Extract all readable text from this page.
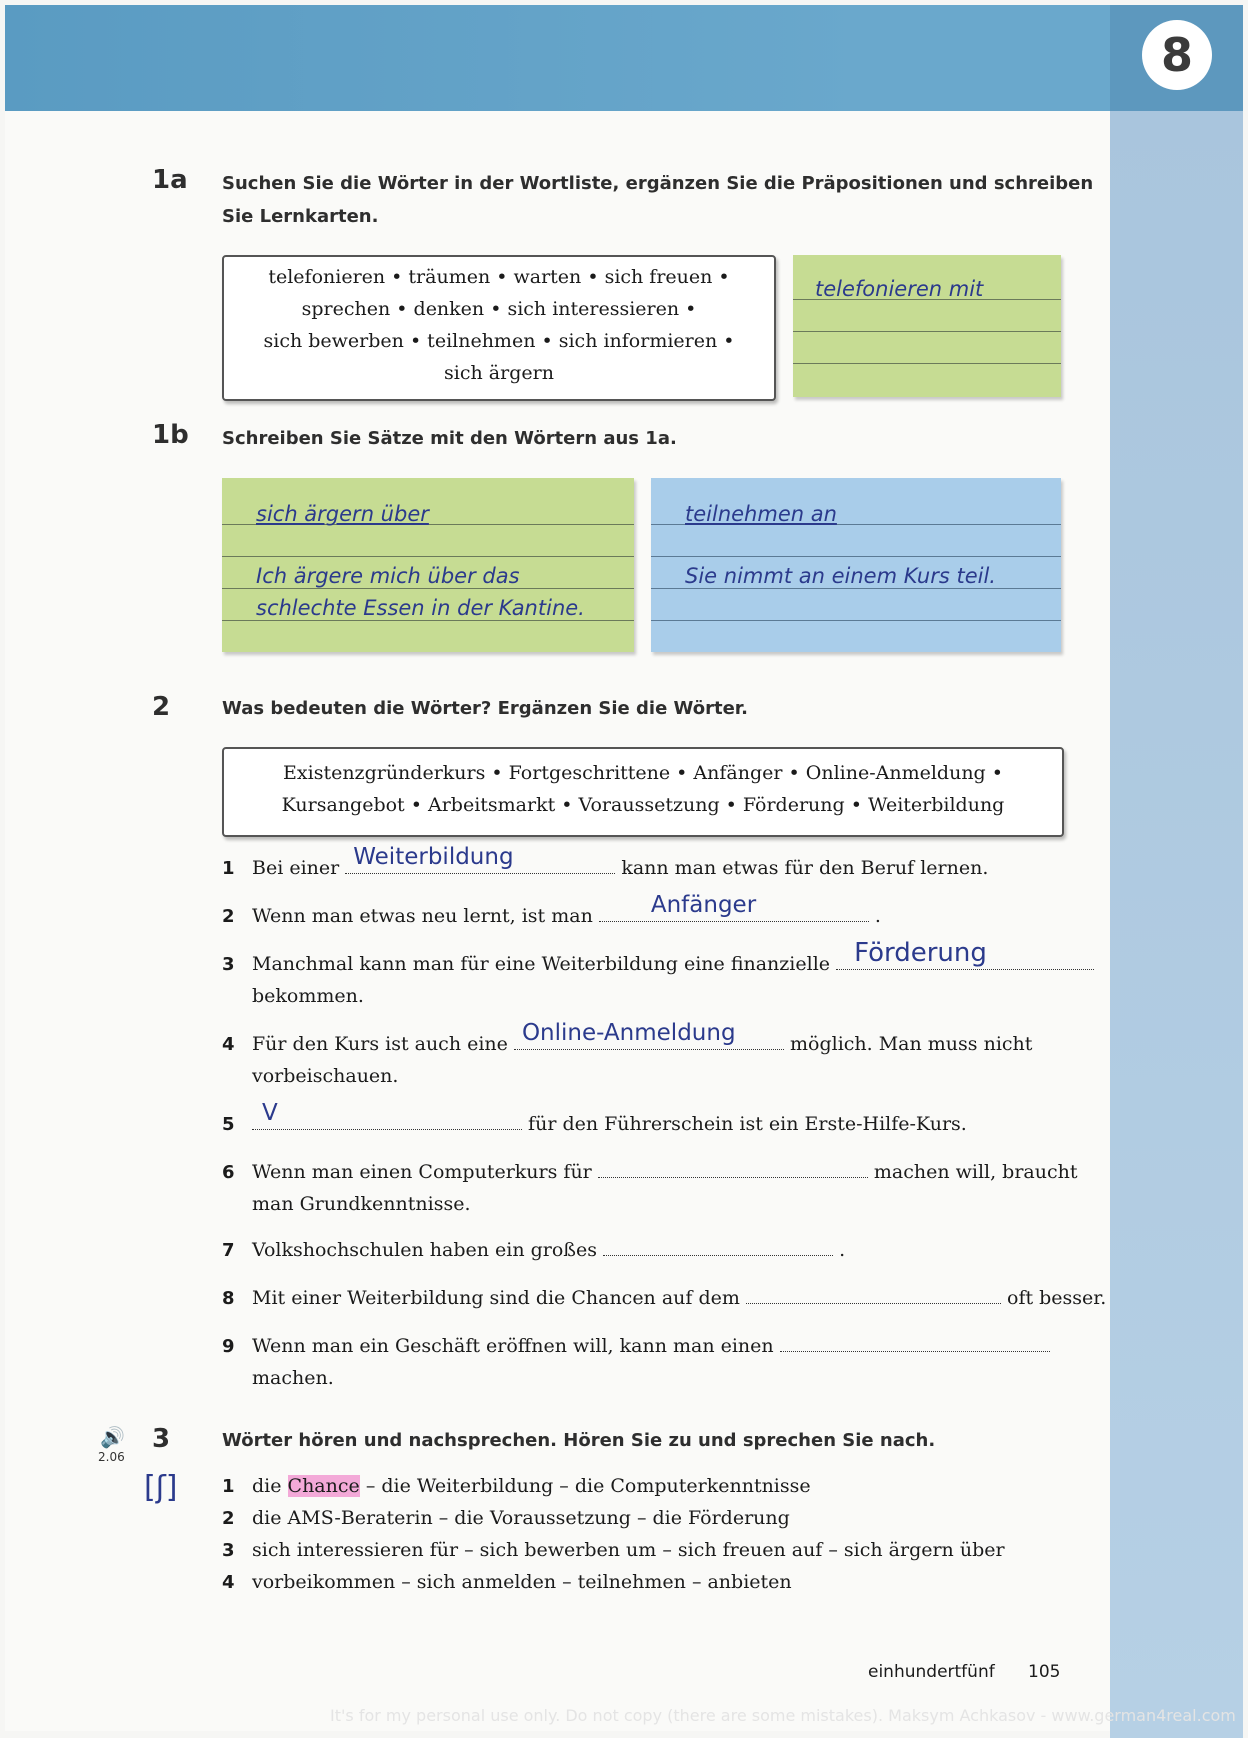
8
1a Suchen Sie die Wörter in der Wortliste, ergänzen Sie die Präpositionen und schreiben
Sie Lernkarten.
telefonieren • träumen • warten • sich freuen •
sprechen • denken • sich interessieren •
sich bewerben • teilnehmen • sich informieren •
sich ärgern
telefonieren mit
1b Schreiben Sie Sätze mit den Wörtern aus 1a.
sich ärgern über
Ich ärgere mich über das
schlechte Essen in der Kantine.
teilnehmen an
Sie nimmt an einem Kurs teil.
2	Was bedeuten die Wörter? Ergänzen Sie die Wörter.
Existenzgründerkurs • Fortgeschrittene • Anfänger • Online-Anmeldung •
Kursangebot • Arbeitsmarkt • Voraussetzung • Förderung • Weiterbildung
1 Bei einer Weiterbildung	kann man etwas für den Beruf lernen.
2 Wenn man etwas neu lernt, ist man	Anfänger	.
3 Manchmal kann man für eine Weiterbildung eine finanzielle Förderung
bekommen.
4 Für den Kurs ist auch eine Online-Anmeldung	möglich. Man muss nicht
vorbeischauen.
5 V	für den Führerschein ist ein Erste-Hilfe-Kurs.
6 Wenn man einen Computerkurs für	machen will, braucht
man Grundkenntnisse.
7 Volkshochschulen haben ein großes	.
8 Mit einer Weiterbildung sind die Chancen auf dem	oft besser.
9 Wenn man ein Geschäft eröffnen will, kann man einen
machen.
🔊
2.06
3	Wörter hören und nachsprechen. Hören Sie zu und sprechen Sie nach.
[ʃ] 1 die Chance – die Weiterbildung – die Computerkenntnisse
2 die AMS-Beraterin – die Voraussetzung – die Förderung
3 sich interessieren für – sich bewerben um – sich freuen auf – sich ärgern über
4 vorbeikommen – sich anmelden – teilnehmen – anbieten
einhundertfünf 105
It's for my personal use only. Do not copy (there are some mistakes). Maksym Achkasov - www.german4real.com
